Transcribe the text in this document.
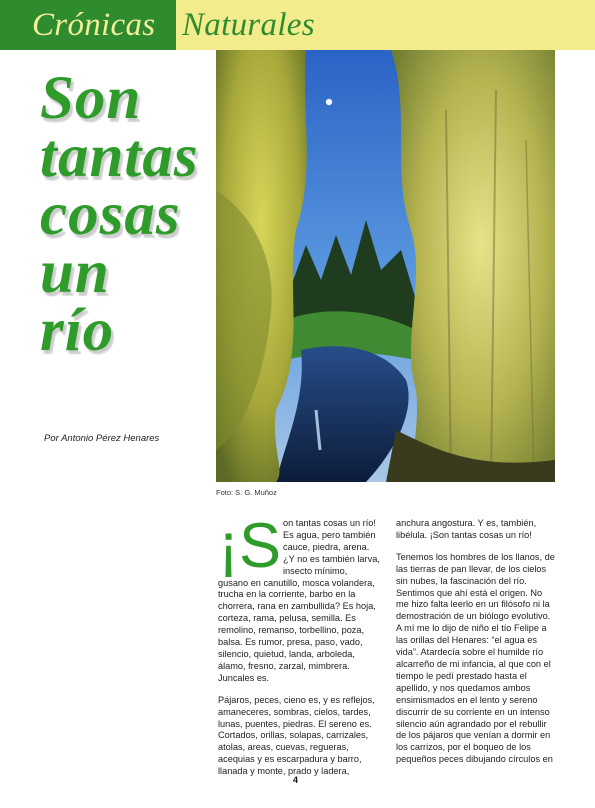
Crónicas Naturales
Son
tantas
cosas
un
río
Por Antonio Pérez Henares
Foto: S. G. Muñoz

¡S on tantas cosas un río! Es agua, pero también cauce, piedra, arena. ¿Y no es también larva, insecto mínimo, gusano en canutillo, mosca volandera, trucha en la corriente, barbo en la chorrera, rana en zambullida? Es hoja, corteza, rama, pelusa, semilla. Es remolino, remanso, torbellino, poza, balsa. Es rumor, presa, paso, vado, silencio, quietud, landa, arboleda, álamo, fresno, zarzal, mimbrera. Juncales es.

Pájaros, peces, cieno es, y es reflejos, amaneceres, sombras, cielos, tardes, lunas, puentes, piedras. El sereno es. Cortados, orillas, solapas, carrizales, atolas, areas, cuevas, regueras, acequias y es escarpadura y barro, llanada y monte, prado y ladera,

anchura angostura. Y es, también, libélula. ¡Son tantas cosas un río!

Tenemos los hombres de los llanos, de las tierras de pan llevar, de los cielos sin nubes, la fascinación del río. Sentimos que ahí está el origen. No me hizo falta leerlo en un filósofo ni la demostración de un biólogo evolutivo. A mí me lo dijo de niño el tío Felipe a las orillas del Henares: “el agua es vida”. Atardecía sobre el humilde río alcarreño de mi infancia, al que con el tiempo le pedí prestado hasta el apellido, y nos quedamos ambos ensimismados en el lento y sereno discurrir de su corriente en un intenso silencio aún agrandado por el rebullir de los pájaros que venían a dormir en los carrizos, por el boqueo de los pequeños peces dibujando círculos en

4
